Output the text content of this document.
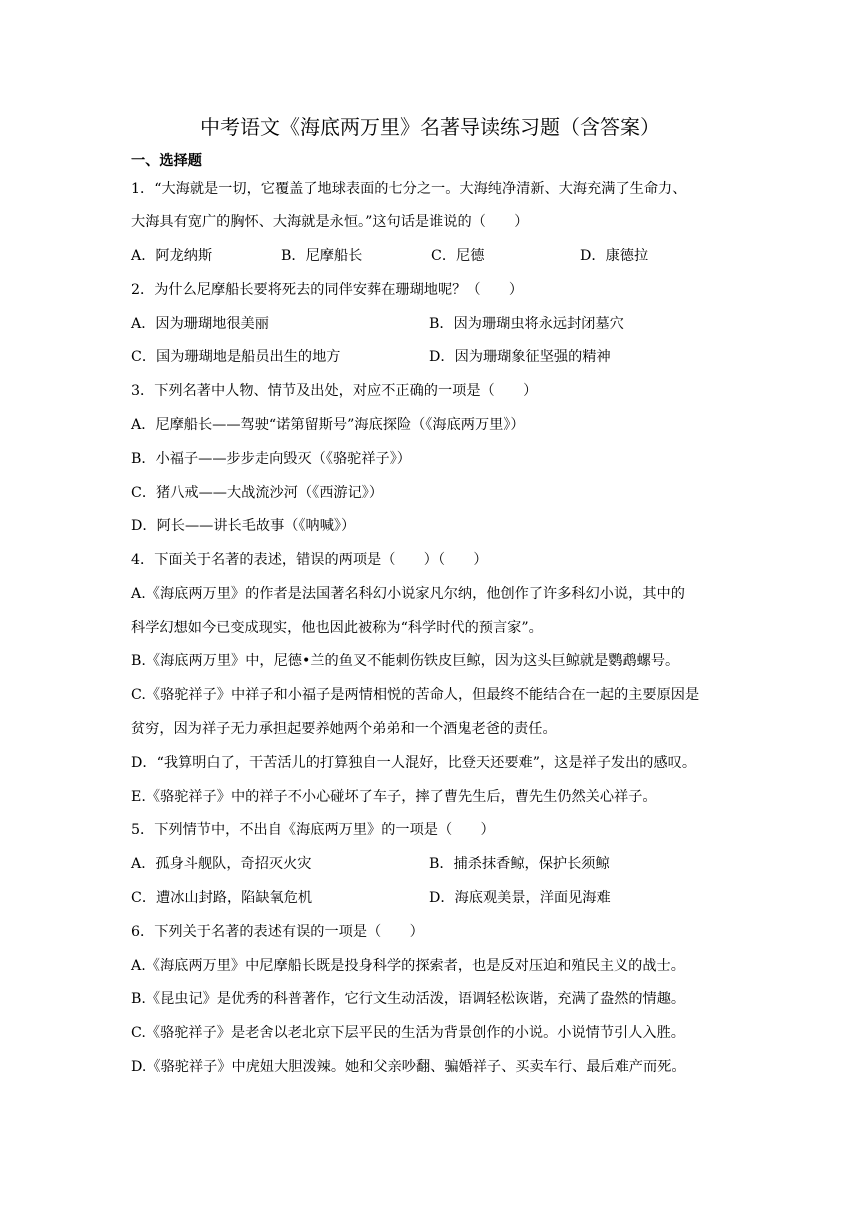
中考语文《海底两万里》名著导读练习题（含答案）
一、选择题
1．“大海就是一切，它覆盖了地球表面的七分之一。大海纯净清新、大海充满了生命力、
大海具有宽广的胸怀、大海就是永恒。”这句话是谁说的（　　）
A．阿龙纳斯	B．尼摩船长	C．尼德	D．康德拉
2．为什么尼摩船长要将死去的同伴安葬在珊瑚地呢？（　　）
A．因为珊瑚地很美丽	B．因为珊瑚虫将永远封闭墓穴
C．国为珊瑚地是船员出生的地方	D．因为珊瑚象征坚强的精神
3．下列名著中人物、情节及出处，对应不正确的一项是（　　）
A．尼摩船长——驾驶“诺第留斯号”海底探险（《海底两万里》）
B．小福子——步步走向毁灭（《骆驼祥子》）
C．猪八戒——大战流沙河（《西游记》）
D．阿长——讲长毛故事（《呐喊》）
4．下面关于名著的表述，错误的两项是（　　）（　　）
A.《海底两万里》的作者是法国著名科幻小说家凡尔纳，他创作了许多科幻小说，其中的
科学幻想如今已变成现实，他也因此被称为“科学时代的预言家”。
B.《海底两万里》中，尼德•兰的鱼叉不能刺伤铁皮巨鲸，因为这头巨鲸就是鹦鹉螺号。
C.《骆驼祥子》中祥子和小福子是两情相悦的苦命人，但最终不能结合在一起的主要原因是
贫穷，因为祥子无力承担起要养她两个弟弟和一个酒鬼老爸的责任。
D．“我算明白了，干苦活儿的打算独自一人混好，比登天还要难”，这是祥子发出的感叹。
E.《骆驼祥子》中的祥子不小心碰坏了车子，摔了曹先生后，曹先生仍然关心祥子。
5．下列情节中，不出自《海底两万里》的一项是（　　）
A．孤身斗舰队，奇招灭火灾	B．捕杀抹香鲸，保护长须鲸
C．遭冰山封路，陷缺氧危机	D．海底观美景，洋面见海难
6．下列关于名著的表述有误的一项是（　　）
A.《海底两万里》中尼摩船长既是投身科学的探索者，也是反对压迫和殖民主义的战士。
B.《昆虫记》是优秀的科普著作，它行文生动活泼，语调轻松诙谐，充满了盎然的情趣。
C.《骆驼祥子》是老舍以老北京下层平民的生活为背景创作的小说。小说情节引人入胜。
D.《骆驼祥子》中虎妞大胆泼辣。她和父亲吵翻、骗婚祥子、买卖车行、最后难产而死。
